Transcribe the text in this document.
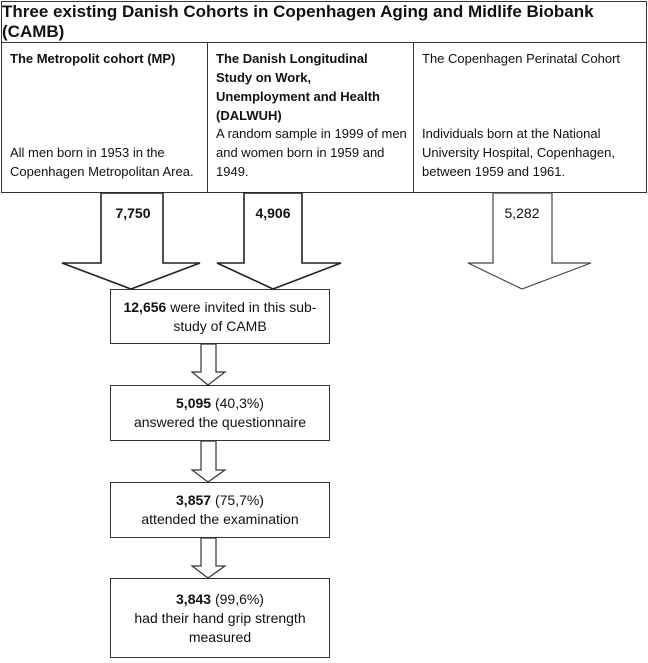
Three existing Danish Cohorts in Copenhagen Aging and Midlife Biobank (CAMB)
The Metropolit cohort (MP)
All men born in 1953 in the Copenhagen Metropolitan Area.
The Danish Longitudinal Study on Work, Unemployment and Health (DALWUH)
A random sample in 1999 of men and women born in 1959 and 1949.
The Copenhagen Perinatal Cohort
Individuals born at the National University Hospital, Copenhagen, between 1959 and 1961.
7,750	4,906	5,282
12,656 were invited in this sub-study of CAMB
5,095 (40,3%)
answered the questionnaire
3,857 (75,7%)
attended the examination
3,843 (99,6%)
had their hand grip strength measured
